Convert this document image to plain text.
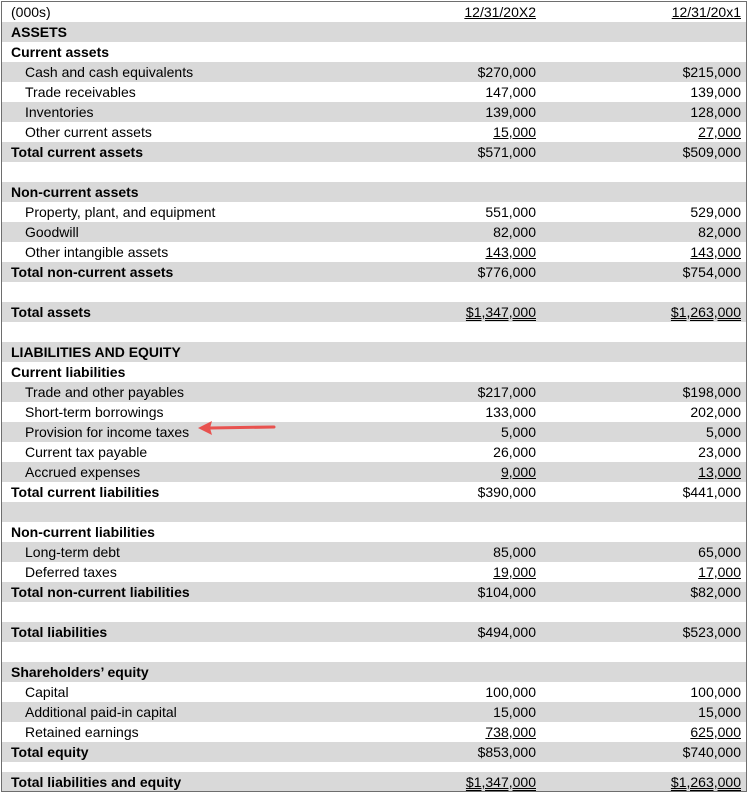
(000s)	12/31/20X2	12/31/20x1
ASSETS
Current assets
Cash and cash equivalents	$270,000	$215,000
Trade receivables	147,000	139,000
Inventories	139,000	128,000
Other current assets	15,000	27,000
Total current assets	$571,000	$509,000
Non-current assets
Property, plant, and equipment	551,000	529,000
Goodwill	82,000	82,000
Other intangible assets	143,000	143,000
Total non-current assets	$776,000	$754,000
Total assets	$1,347,000	$1,263,000
LIABILITIES AND EQUITY
Current liabilities
Trade and other payables	$217,000	$198,000
Short-term borrowings	133,000	202,000
Provision for income taxes	5,000	5,000
Current tax payable	26,000	23,000
Accrued expenses	9,000	13,000
Total current liabilities	$390,000	$441,000
Non-current liabilities
Long-term debt	85,000	65,000
Deferred taxes	19,000	17,000
Total non-current liabilities	$104,000	$82,000
Total liabilities	$494,000	$523,000
Shareholders’ equity
Capital	100,000	100,000
Additional paid-in capital	15,000	15,000
Retained earnings	738,000	625,000
Total equity	$853,000	$740,000
Total liabilities and equity	$1,347,000	$1,263,000
